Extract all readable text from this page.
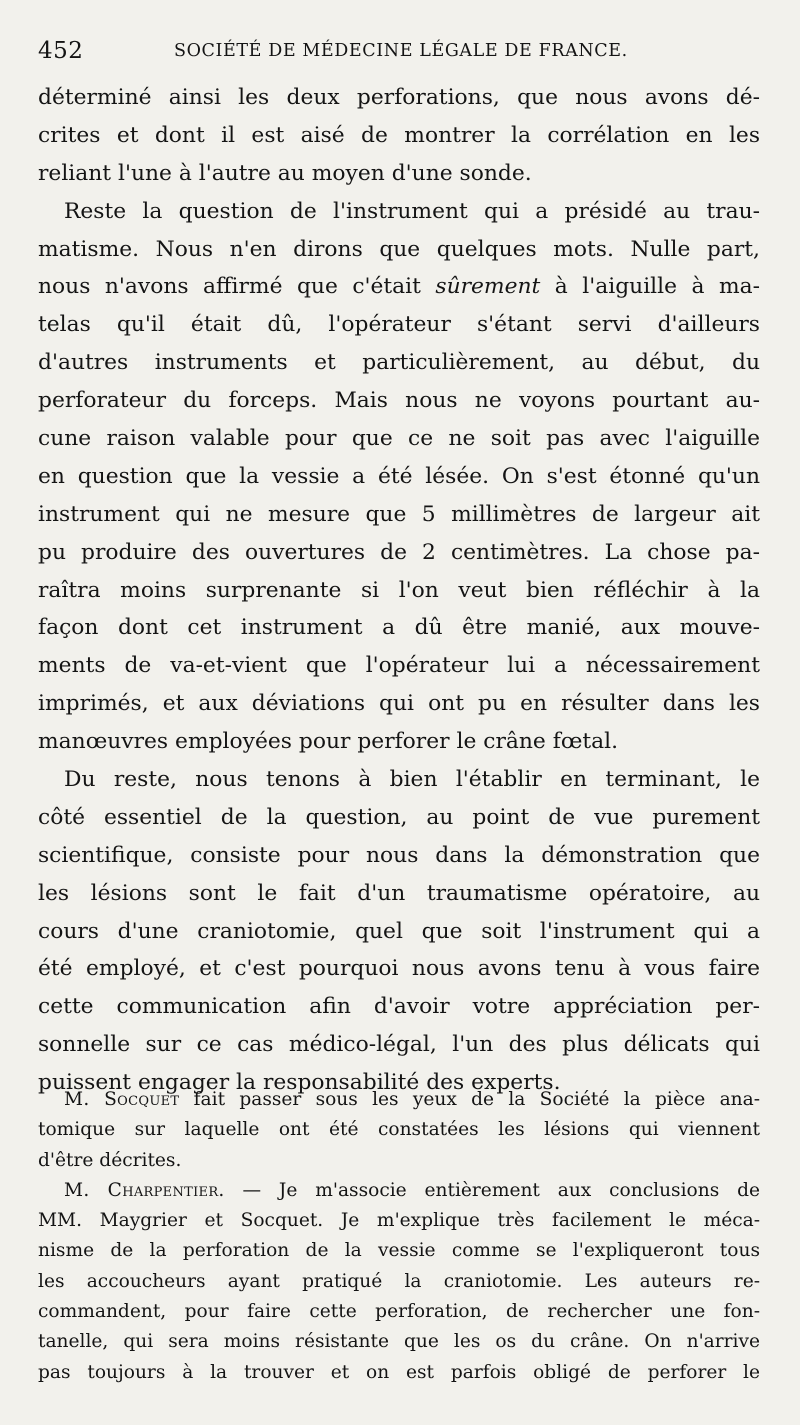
452	SOCIÉTÉ DE MÉDECINE LÉGALE DE FRANCE.
déterminé ainsi les deux perforations, que nous avons dé-
crites et dont il est aisé de montrer la corrélation en les
reliant l'une à l'autre au moyen d'une sonde.
Reste la question de l'instrument qui a présidé au trau-
matisme. Nous n'en dirons que quelques mots. Nulle part,
nous n'avons affirmé que c'était sûrement à l'aiguille à ma-
telas qu'il était dû, l'opérateur s'étant servi d'ailleurs
d'autres instruments et particulièrement, au début, du
perforateur du forceps. Mais nous ne voyons pourtant au-
cune raison valable pour que ce ne soit pas avec l'aiguille
en question que la vessie a été lésée. On s'est étonné qu'un
instrument qui ne mesure que 5 millimètres de largeur ait
pu produire des ouvertures de 2 centimètres. La chose pa-
raîtra moins surprenante si l'on veut bien réfléchir à la
façon dont cet instrument a dû être manié, aux mouve-
ments de va-et-vient que l'opérateur lui a nécessairement
imprimés, et aux déviations qui ont pu en résulter dans les
manœuvres employées pour perforer le crâne fœtal.
Du reste, nous tenons à bien l'établir en terminant, le
côté essentiel de la question, au point de vue purement
scientifique, consiste pour nous dans la démonstration que
les lésions sont le fait d'un traumatisme opératoire, au
cours d'une craniotomie, quel que soit l'instrument qui a
été employé, et c'est pourquoi nous avons tenu à vous faire
cette communication afin d'avoir votre appréciation per-
sonnelle sur ce cas médico-légal, l'un des plus délicats qui
puissent engager la responsabilité des experts.
M. Socquet fait passer sous les yeux de la Société la pièce ana-
tomique sur laquelle ont été constatées les lésions qui viennent
d'être décrites.
M. Charpentier. — Je m'associe entièrement aux conclusions de
MM. Maygrier et Socquet. Je m'explique très facilement le méca-
nisme de la perforation de la vessie comme se l'expliqueront tous
les accoucheurs ayant pratiqué la craniotomie. Les auteurs re-
commandent, pour faire cette perforation, de rechercher une fon-
tanelle, qui sera moins résistante que les os du crâne. On n'arrive
pas toujours à la trouver et on est parfois obligé de perforer le
